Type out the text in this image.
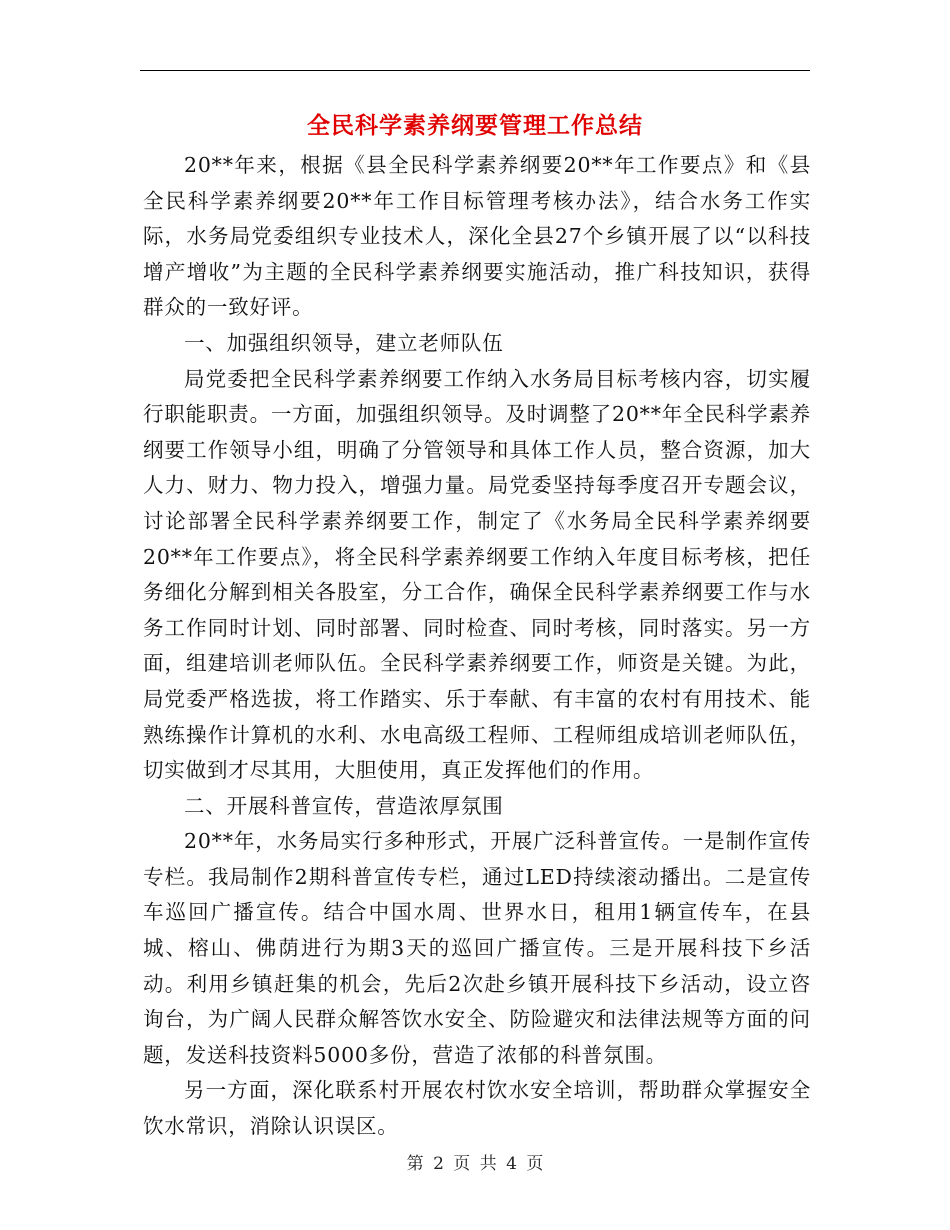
全民科学素养纲要管理工作总结

20**年来，根据《县全民科学素养纲要20**年工作要点》和《县全民科学素养纲要20**年工作目标管理考核办法》，结合水务工作实际，水务局党委组织专业技术人，深化全县27个乡镇开展了以“以科技增产增收”为主题的全民科学素养纲要实施活动，推广科技知识，获得群众的一致好评。

一、加强组织领导，建立老师队伍

局党委把全民科学素养纲要工作纳入水务局目标考核内容，切实履行职能职责。一方面，加强组织领导。及时调整了20**年全民科学素养纲要工作领导小组，明确了分管领导和具体工作人员，整合资源，加大人力、财力、物力投入，增强力量。局党委坚持每季度召开专题会议，讨论部署全民科学素养纲要工作，制定了《水务局全民科学素养纲要20**年工作要点》，将全民科学素养纲要工作纳入年度目标考核，把任务细化分解到相关各股室，分工合作，确保全民科学素养纲要工作与水务工作同时计划、同时部署、同时检查、同时考核，同时落实。另一方面，组建培训老师队伍。全民科学素养纲要工作，师资是关键。为此，局党委严格选拔，将工作踏实、乐于奉献、有丰富的农村有用技术、能熟练操作计算机的水利、水电高级工程师、工程师组成培训老师队伍，切实做到才尽其用，大胆使用，真正发挥他们的作用。

二、开展科普宣传，营造浓厚氛围

20**年，水务局实行多种形式，开展广泛科普宣传。一是制作宣传专栏。我局制作2期科普宣传专栏，通过LED持续滚动播出。二是宣传车巡回广播宣传。结合中国水周、世界水日，租用1辆宣传车，在县城、榕山、佛荫进行为期3天的巡回广播宣传。三是开展科技下乡活动。利用乡镇赶集的机会，先后2次赴乡镇开展科技下乡活动，设立咨询台，为广阔人民群众解答饮水安全、防险避灾和法律法规等方面的问题，发送科技资料5000多份，营造了浓郁的科普氛围。

另一方面，深化联系村开展农村饮水安全培训，帮助群众掌握安全饮水常识，消除认识误区。

第 2 页 共 4 页
